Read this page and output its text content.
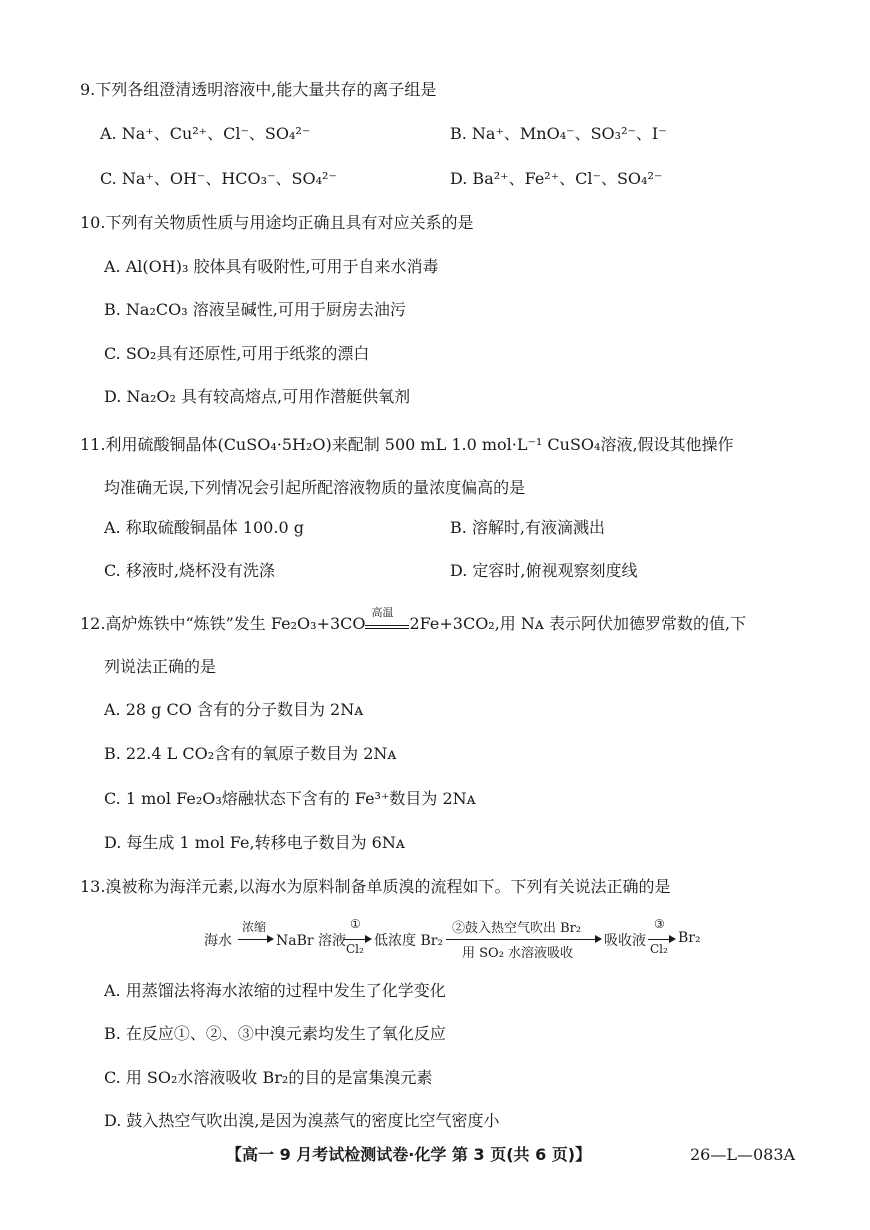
9.下列各组澄清透明溶液中,能大量共存的离子组是
A. Na⁺、Cu²⁺、Cl⁻、SO₄²⁻	B. Na⁺、MnO₄⁻、SO₃²⁻、I⁻
C. Na⁺、OH⁻、HCO₃⁻、SO₄²⁻	D. Ba²⁺、Fe²⁺、Cl⁻、SO₄²⁻
10.下列有关物质性质与用途均正确且具有对应关系的是
A. Al(OH)₃ 胶体具有吸附性,可用于自来水消毒
B. Na₂CO₃ 溶液呈碱性,可用于厨房去油污
C. SO₂具有还原性,可用于纸浆的漂白
D. Na₂O₂ 具有较高熔点,可用作潜艇供氧剂
11.利用硫酸铜晶体(CuSO₄·5H₂O)来配制 500 mL 1.0 mol·L⁻¹ CuSO₄溶液,假设其他操作
均准确无误,下列情况会引起所配溶液物质的量浓度偏高的是
A. 称取硫酸铜晶体 100.0 g	B. 溶解时,有液滴溅出
C. 移液时,烧杯没有洗涤	D. 定容时,俯视观察刻度线
12.高炉炼铁中“炼铁”发生 Fe₂O₃+3CO
高温
2Fe+3CO₂,用 Nᴀ 表示阿伏加德罗常数的值,下
列说法正确的是
A. 28 g CO 含有的分子数目为 2Nᴀ
B. 22.4 L CO₂含有的氧原子数目为 2Nᴀ
C. 1 mol Fe₂O₃熔融状态下含有的 Fe³⁺数目为 2Nᴀ
D. 每生成 1 mol Fe,转移电子数目为 6Nᴀ
13.溴被称为海洋元素,以海水为原料制备单质溴的流程如下。下列有关说法正确的是
海水
浓缩
NaBr 溶液
①
Cl₂ 低浓度 Br₂
②鼓入热空气吹出 Br₂
用 SO₂ 水溶液吸收
吸收液
③
Cl₂
Br₂
A. 用蒸馏法将海水浓缩的过程中发生了化学变化
B. 在反应①、②、③中溴元素均发生了氧化反应
C. 用 SO₂水溶液吸收 Br₂的目的是富集溴元素
D. 鼓入热空气吹出溴,是因为溴蒸气的密度比空气密度小
【高一 9 月考试检测试卷·化学 第 3 页(共 6 页)】	26—L—083A
